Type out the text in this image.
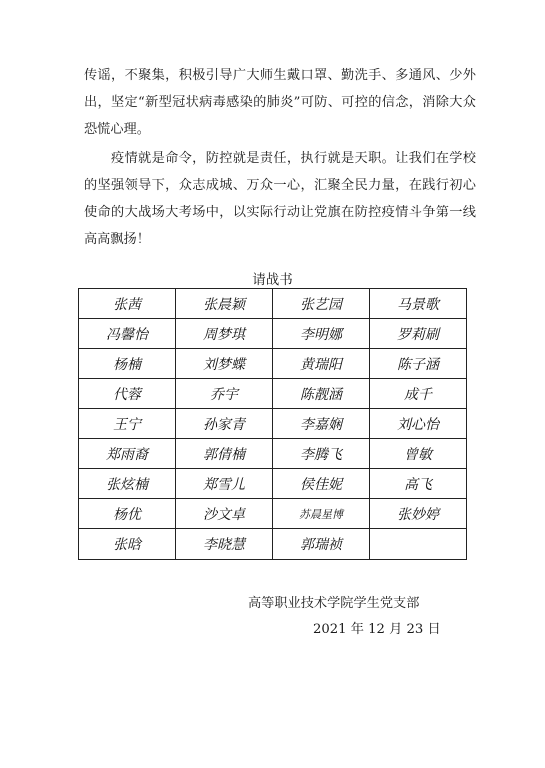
传谣，不聚集，积极引导广大师生戴口罩、勤洗手、多通风、少外出，坚定“新型冠状病毒感染的肺炎”可防、可控的信念，消除大众恐慌心理。

疫情就是命令，防控就是责任，执行就是天职。让我们在学校的坚强领导下，众志成城、万众一心，汇聚全民力量，在践行初心使命的大战场大考场中，以实际行动让党旗在防控疫情斗争第一线高高飘扬！

请战书

张茜	张晨颖	张艺园	马景歌
冯馨怡	周梦琪	李明娜	罗莉刷
杨楠	刘梦蝶	黄瑞阳	陈子涵
代蓉	乔宇	陈靓涵	成千
王宁	孙家青	李嘉娴	刘心怡
郑雨裔	郭倩楠	李腾飞	曾敏
张炫楠	郑雪儿	侯佳妮	高飞
杨优	沙文卓	苏晨星博	张妙婷
张晗	李晓慧	郭瑞祯	

高等职业技术学院学生党支部

2021 年 12 月 23 日
